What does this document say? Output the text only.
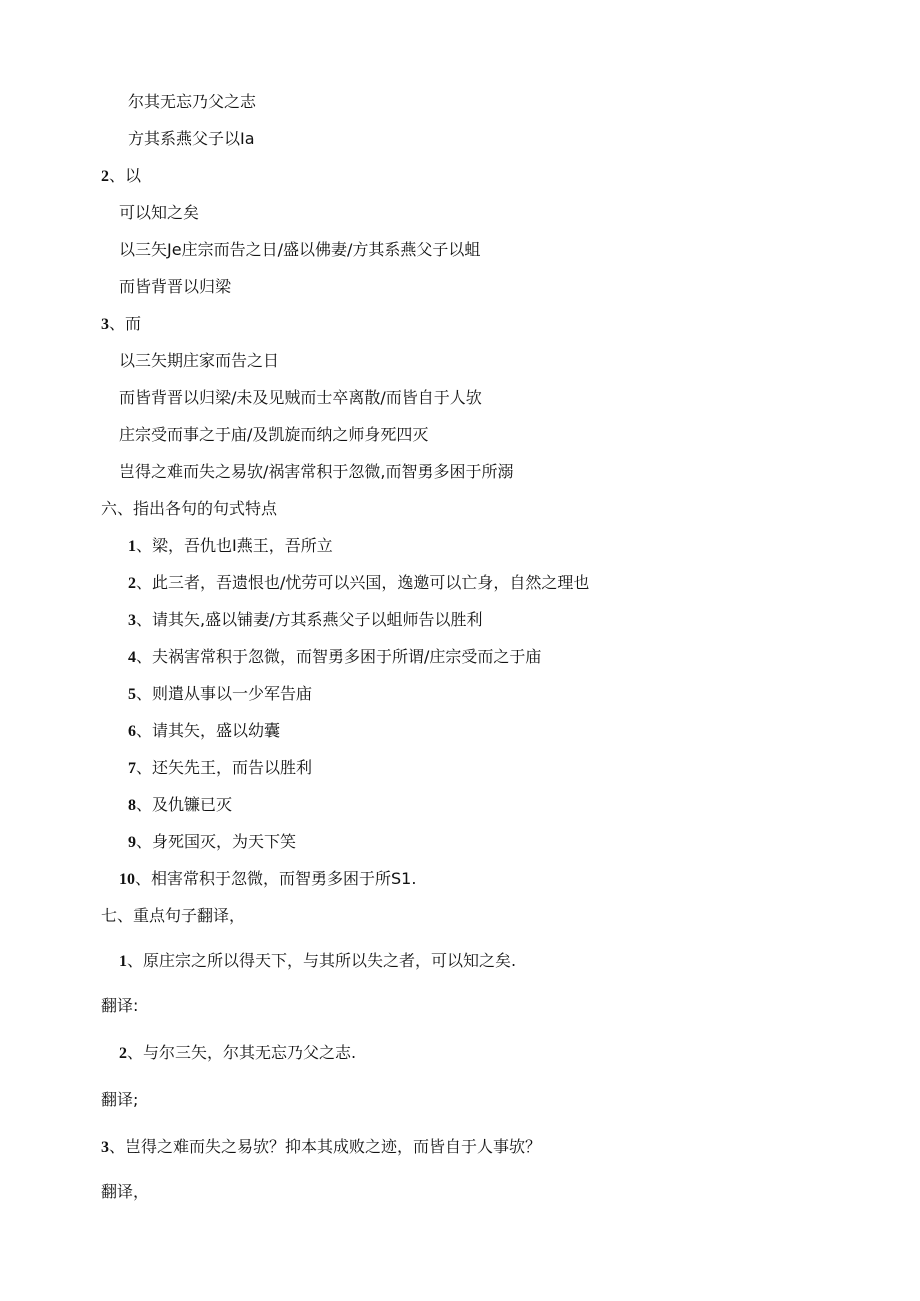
尔其无忘乃父之志
方其系燕父子以Ia
2、以
可以知之矣
以三矢Je庄宗而告之日/盛以佛妻/方其系燕父子以蛆
而皆背晋以归梁
3、而
以三矢期庄家而告之日
而皆背晋以归梁/未及见贼而士卒离散/而皆自于人欤
庄宗受而事之于庙/及凯旋而纳之师身死四灭
岂得之难而失之易欤/祸害常积于忽微,而智勇多困于所溺
六、指出各句的句式特点
1、梁，吾仇也I燕王，吾所立
2、此三者，吾遗恨也/忧劳可以兴国，逸邀可以亡身，自然之理也
3、请其矢,盛以铺妻/方其系燕父子以蛆师告以胜利
4、夫祸害常积于忽微，而智勇多困于所谓/庄宗受而之于庙
5、则遣从事以一少军告庙
6、请其矢，盛以幼囊
7、还矢先王，而告以胜利
8、及仇镰已灭
9、身死国灭，为天下笑
10、相害常积于忽微，而智勇多困于所S1.
七、重点句子翻译，
1、原庄宗之所以得天下，与其所以失之者，可以知之矣.
翻译:
2、与尔三矢，尔其无忘乃父之志.
翻译;
3、岂得之难而失之易欤？抑本其成败之迹，而皆自于人事欤？
翻译，
